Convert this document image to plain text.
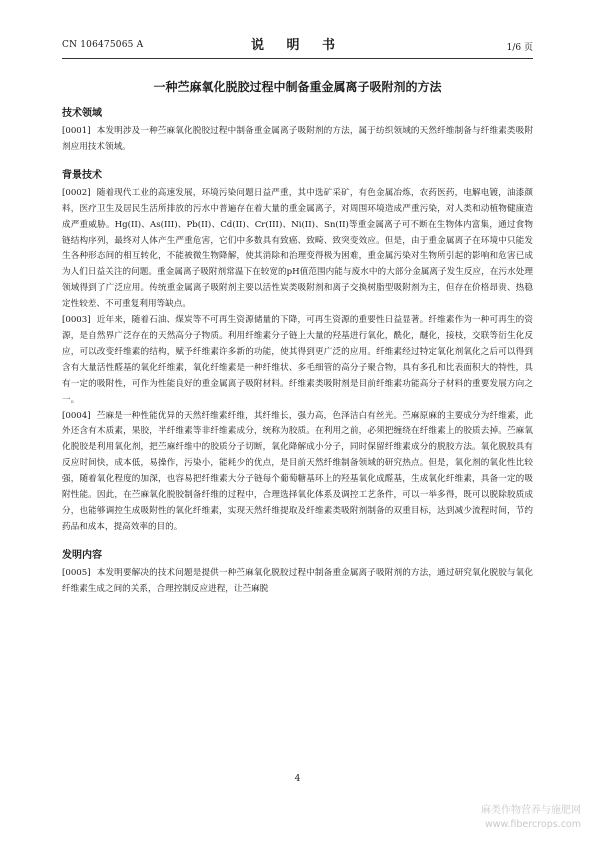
CN 106475065 A	说 明 书	1/6 页
一种苎麻氧化脱胶过程中制备重金属离子吸附剂的方法
技术领域

[0001] 本发明涉及一种苎麻氧化脱胶过程中制备重金属离子吸附剂的方法，属于纺织领域的天然纤维制备与纤维素类吸附剂应用技术领域。

背景技术

[0002] 随着现代工业的高速发展，环境污染问题日益严重，其中选矿采矿，有色金属冶炼，农药医药，电解电镀，油漆颜料，医疗卫生及居民生活所排放的污水中普遍存在着大量的重金属离子，对周围环境造成严重污染，对人类和动植物健康造成严重威胁。Hg(II)、As(III)、Pb(II)、Cd(II)、Cr(III)、Ni(II)、Sn(II)等重金属离子可不断在生物体内富集，通过食物链结构序列，最终对人体产生严重危害，它们中多数具有致癌、致畸、致突变效应。但是，由于重金属离子在环境中只能发生各种形态间的相互转化，不能被微生物降解，使其消除和治理变得极为困难，重金属污染对生物所引起的影响和危害已成为人们日益关注的问题。重金属离子吸附剂常温下在较宽的pH值范围内能与废水中的大部分金属离子发生反应，在污水处理领域得到了广泛应用。传统重金属离子吸附剂主要以活性炭类吸附剂和离子交换树脂型吸附剂为主，但存在价格昂贵、热稳定性较差、不可重复利用等缺点。

[0003] 近年来，随着石油、煤炭等不可再生资源储量的下降，可再生资源的重要性日益显著。纤维素作为一种可再生的资源，是自然界广泛存在的天然高分子物质。利用纤维素分子链上大量的羟基进行氧化，酰化，醚化，接枝，交联等衍生化反应，可以改变纤维素的结构，赋予纤维素许多新的功能，使其得到更广泛的应用。纤维素经过特定氧化剂氧化之后可以得到含有大量活性醛基的氧化纤维素，氧化纤维素是一种纤维状、多毛细管的高分子聚合物，具有多孔和比表面积大的特性，具有一定的吸附性，可作为性能良好的重金属离子吸附材料。纤维素类吸附剂是目前纤维素功能高分子材料的重要发展方向之一。

[0004] 苎麻是一种性能优异的天然纤维素纤维，其纤维长，强力高，色泽洁白有丝光。苎麻原麻的主要成分为纤维素，此外还含有木质素，果胶，半纤维素等非纤维素成分，统称为胶质。在利用之前，必须把缠绕在纤维素上的胶质去掉。苎麻氧化脱胶是利用氧化剂，把苎麻纤维中的胶质分子切断，氧化降解成小分子，同时保留纤维素成分的脱胶方法。氧化脱胶具有反应时间快，成本低，易操作，污染小，能耗少的优点，是目前天然纤维制备领域的研究热点。但是，氧化剂的氧化性比较强，随着氧化程度的加深，也容易把纤维素大分子链每个葡萄糖基环上的羟基氧化成醛基，生成氧化纤维素，具备一定的吸附性能。因此，在苎麻氧化脱胶制备纤维的过程中，合理选择氧化体系及调控工艺条件，可以一举多得，既可以脱除胶质成分，也能够调控生成吸附性的氧化纤维素，实现天然纤维提取及纤维素类吸附剂制备的双重目标，达到减少流程时间，节约药品和成本，提高效率的目的。

发明内容

[0005] 本发明要解决的技术问题是提供一种苎麻氧化脱胶过程中制备重金属离子吸附剂的方法，通过研究氧化脱胶与氧化纤维素生成之间的关系，合理控制反应进程，让苎麻脱

4
麻类作物营养与施肥网
www.fibercrops.com
